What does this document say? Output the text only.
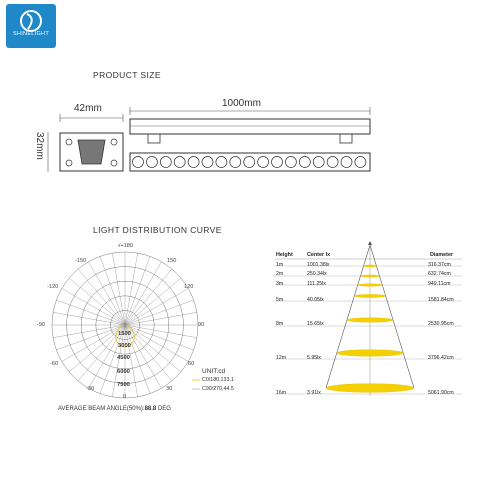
SHINELIGHT
PRODUCT SIZE
42mm	1000mm
32mm
LIGHT DISTRIBUTION CURVE
-/+180
150
-150
120
-120
90
-90
60
-60
30
-30
0
1500
3000
4500
6000
7500
UNIT:cd
C0/180,133.1
C90/270,44.5
AVERAGE BEAM ANGLE(50%):88.8 DEG
Height	Center lx	Diameter
1m	1001.38lx	316.37cm
2m	250.34lx	632.74cm
3m	111.25lx	949.11cm
5m	40.05lx	1581.84cm
8m	15.65lx	2530.95cm
12m	5.95lx	3796.42cm
16m	3.91lx	5061.90cm
